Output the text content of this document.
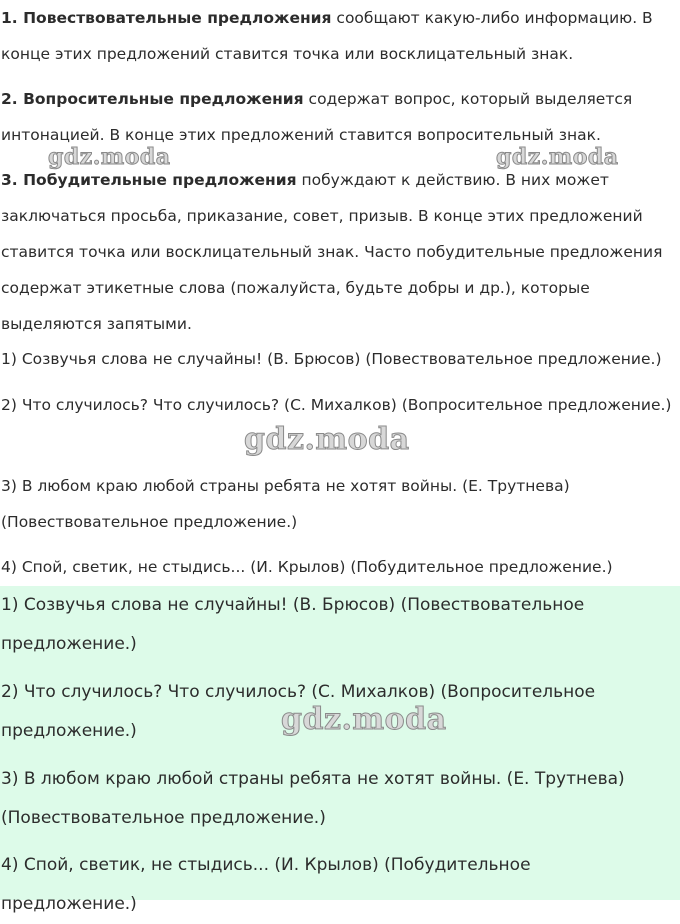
1. Повествовательные предложения сообщают какую-либо информацию. В конце этих предложений ставится точка или восклицательный знак.

2. Вопросительные предложения содержат вопрос, который выделяется интонацией. В конце этих предложений ставится вопросительный знак.

3. Побудительные предложения побуждают к действию. В них может заключаться просьба, приказание, совет, призыв. В конце этих предложений ставится точка или восклицательный знак. Часто побудительные предложения содержат этикетные слова (пожалуйста, будьте добры и др.), которые выделяются запятыми.

1) Созвучья слова не случайны! (В. Брюсов) (Повествовательное предложение.)

2) Что случилось? Что случилось? (С. Михалков) (Вопросительное предложение.)

3) В любом краю любой страны ребята не хотят войны. (Е. Трутнева) (Повествовательное предложение.)

4) Спой, светик, не стыдись... (И. Крылов) (Побудительное предложение.)

1) Созвучья слова не случайны! (В. Брюсов) (Повествовательное предложение.)

2) Что случилось? Что случилось? (С. Михалков) (Вопросительное предложение.)

3) В любом краю любой страны ребята не хотят войны. (Е. Трутнева) (Повествовательное предложение.)

4) Спой, светик, не стыдись... (И. Крылов) (Побудительное предложение.)

gdz.moda	gdz.moda
gdz.moda
gdz.moda
